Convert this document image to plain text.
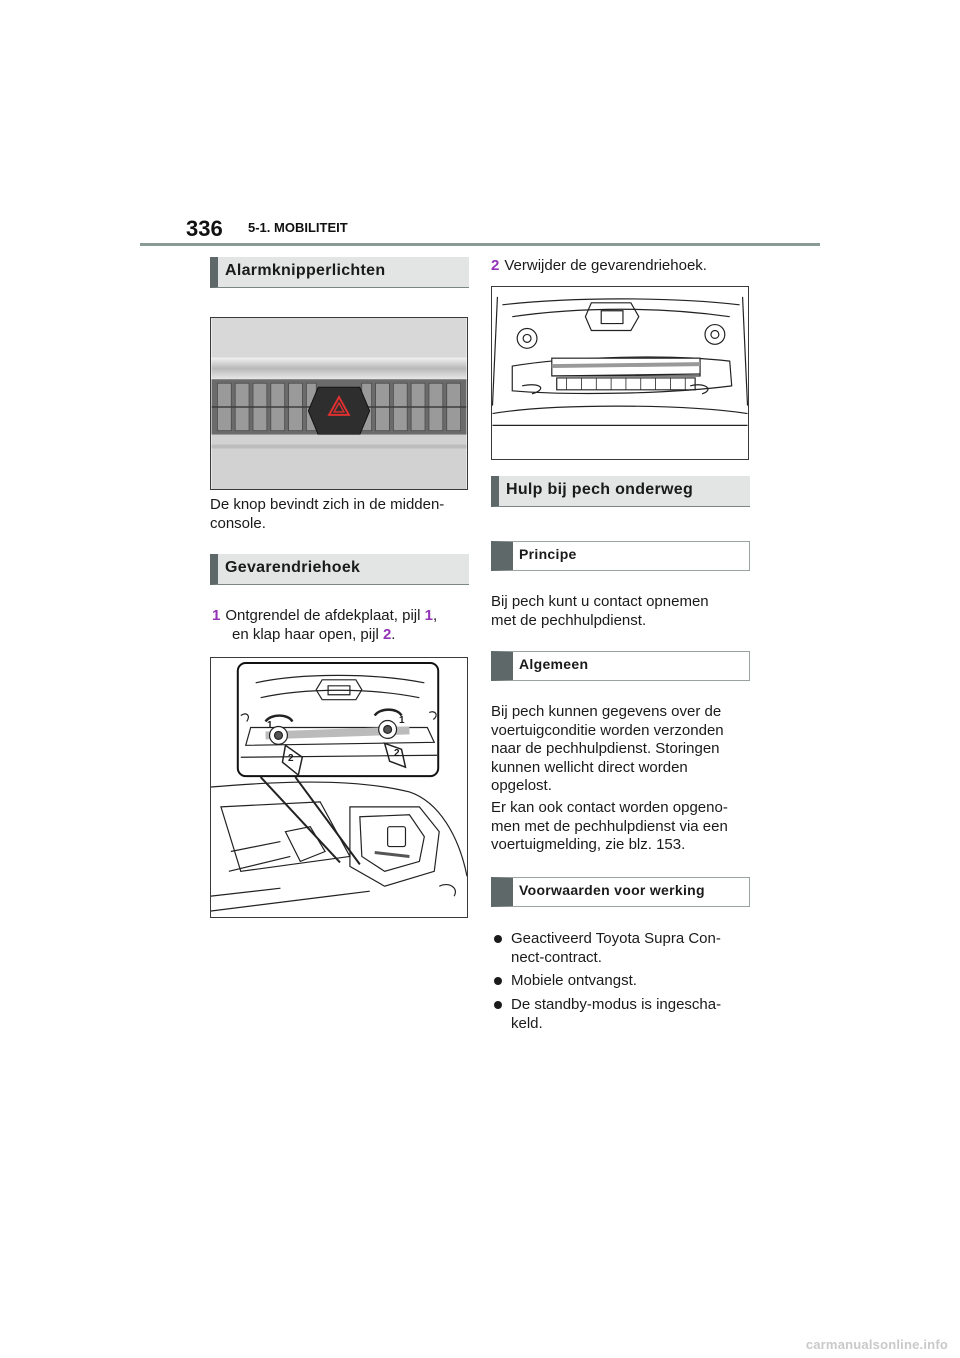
336 5-1. MOBILITEIT
Alarmknipperlichten
De knop bevindt zich in de midden-
console.
Gevarendriehoek
1 Ontgrendel de afdekplaat, pijl 1,
en klap haar open, pijl 2.
1	1
2	2
2 Verwijder de gevarendriehoek.
Hulp bij pech onderweg
Principe
Bij pech kunt u contact opnemen
met de pechhulpdienst.
Algemeen
Bij pech kunnen gegevens over de
voertuigconditie worden verzonden
naar de pechhulpdienst. Storingen
kunnen wellicht direct worden
opgelost.
Er kan ook contact worden opgeno-
men met de pechhulpdienst via een
voertuigmelding, zie blz. 153.
Voorwaarden voor werking
Geactiveerd Toyota Supra Con-
nect-contract.
Mobiele ontvangst.
De standby-modus is ingescha-
keld.
carmanualsonline.info
